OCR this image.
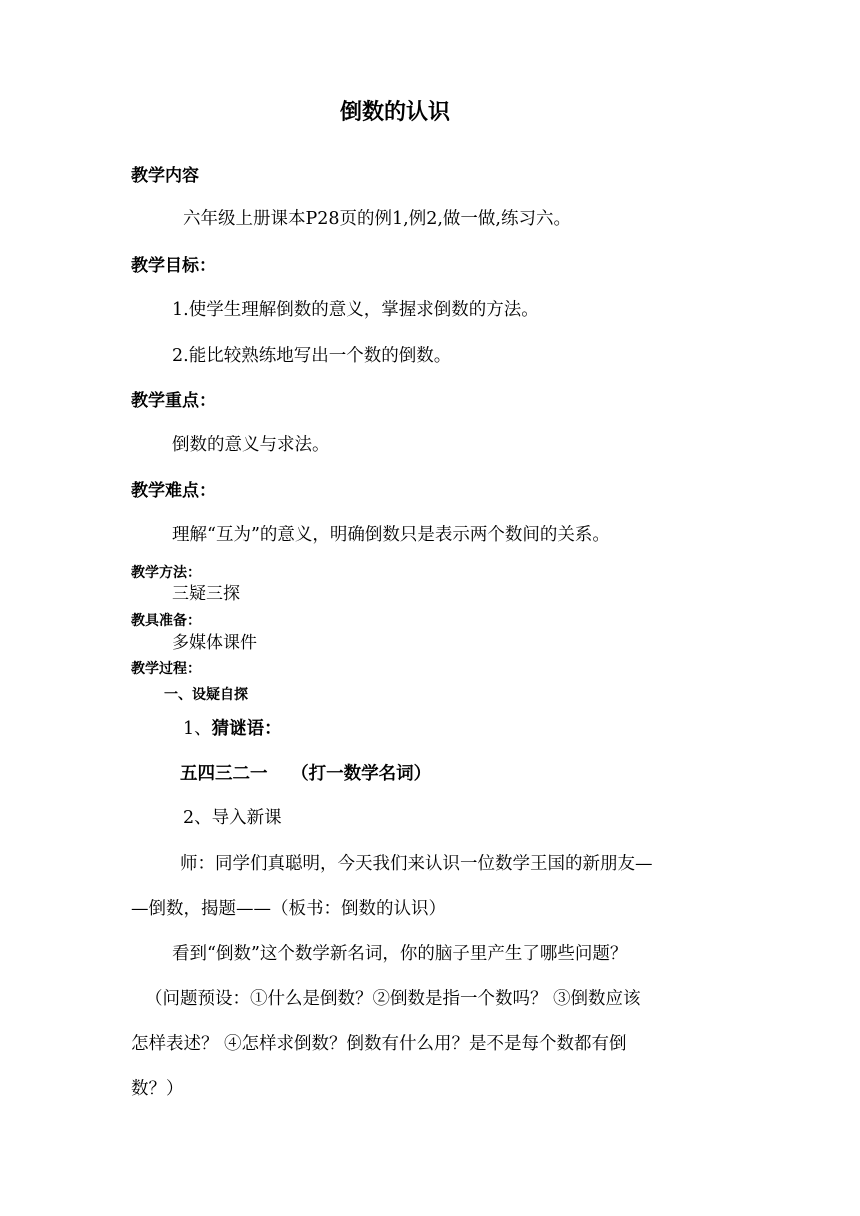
倒数的认识
教学内容
六年级上册课本P28页的例1,例2,做一做,练习六。
教学目标：
1.使学生理解倒数的意义，掌握求倒数的方法。
2.能比较熟练地写出一个数的倒数。
教学重点：
倒数的意义与求法。
教学难点：
理解“互为”的意义，明确倒数只是表示两个数间的关系。
教学方法：
三疑三探
教具准备：
多媒体课件
教学过程：
一、设疑自探
1、猜谜语：
五四三二一　 （打一数学名词）
2、导入新课
师：同学们真聪明，今天我们来认识一位数学王国的新朋友—
—倒数，揭题——（板书：倒数的认识）
看到“倒数”这个数学新名词，你的脑子里产生了哪些问题？
（问题预设：①什么是倒数？②倒数是指一个数吗？ ③倒数应该
怎样表述？ ④怎样求倒数？倒数有什么用？是不是每个数都有倒
数？）
